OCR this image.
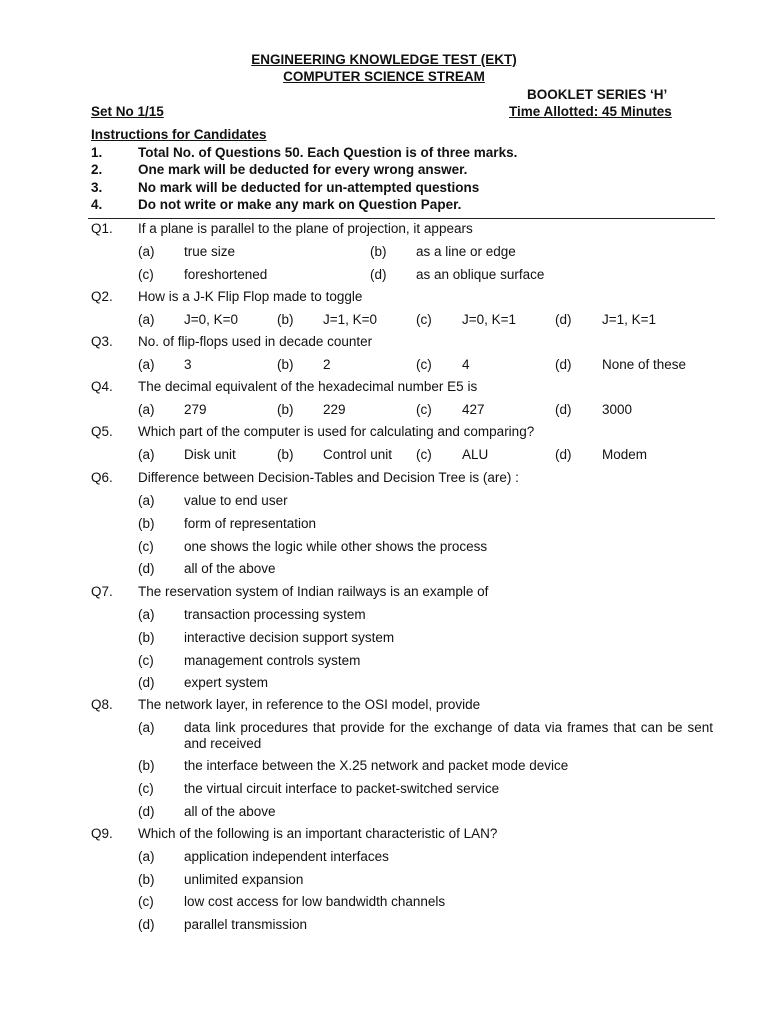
ENGINEERING KNOWLEDGE TEST (EKT)
COMPUTER SCIENCE STREAM
BOOKLET SERIES ‘H’
Set No 1/15	Time Allotted: 45 Minutes
Instructions for Candidates
1.	Total No. of Questions 50. Each Question is of three marks.
2.	One mark will be deducted for every wrong answer.
3.	No mark will be deducted for un-attempted questions
4.	Do not write or make any mark on Question Paper.
Q1. If a plane is parallel to the plane of projection, it appears
(a) true size	(b) as a line or edge
(c) foreshortened	(d) as an oblique surface
Q2. How is a J-K Flip Flop made to toggle
(a) J=0, K=0	(b) J=1, K=0	(c) J=0, K=1	(d) J=1, K=1
Q3. No. of flip-flops used in decade counter
(a) 3	(b) 2	(c) 4	(d) None of these
Q4. The decimal equivalent of the hexadecimal number E5 is
(a) 279	(b) 229	(c) 427	(d) 3000
Q5. Which part of the computer is used for calculating and comparing?
(a) Disk unit	(b) Control unit (c) ALU	(d) Modem
Q6. Difference between Decision-Tables and Decision Tree is (are) :
(a) value to end user
(b) form of representation
(c) one shows the logic while other shows the process
(d) all of the above
Q7. The reservation system of Indian railways is an example of
(a) transaction processing system
(b) interactive decision support system
(c) management controls system
(d) expert system
Q8. The network layer, in reference to the OSI model, provide
(a) data link procedures that provide for the exchange of data via frames that can be sent and received
(b) the interface between the X.25 network and packet mode device
(c) the virtual circuit interface to packet-switched service
(d) all of the above
Q9. Which of the following is an important characteristic of LAN?
(a) application independent interfaces
(b) unlimited expansion
(c) low cost access for low bandwidth channels
(d) parallel transmission
